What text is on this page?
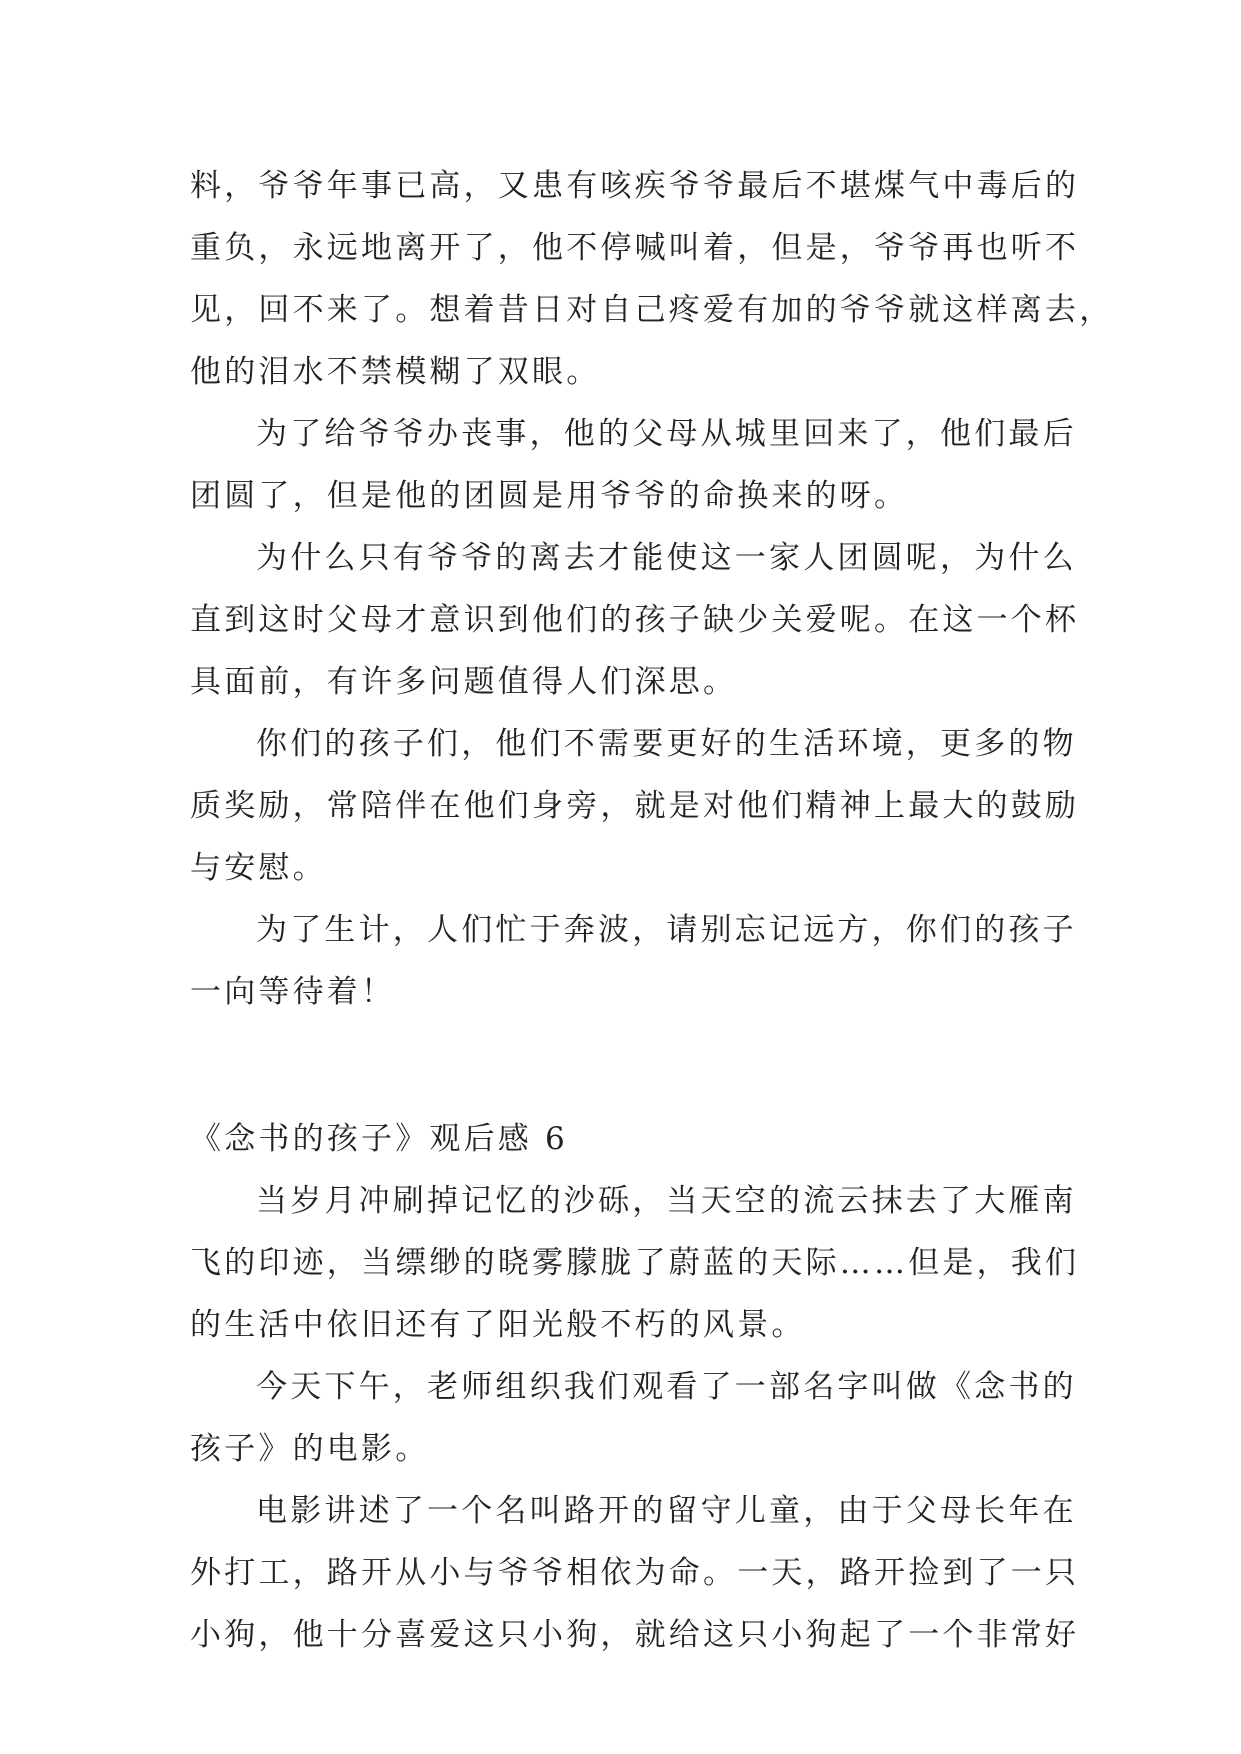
料，爷爷年事已高，又患有咳疾爷爷最后不堪煤气中毒后的
重负，永远地离开了，他不停喊叫着，但是，爷爷再也听不
见，回不来了。想着昔日对自己疼爱有加的爷爷就这样离去，
他的泪水不禁模糊了双眼。
为了给爷爷办丧事，他的父母从城里回来了，他们最后
团圆了，但是他的团圆是用爷爷的命换来的呀。
为什么只有爷爷的离去才能使这一家人团圆呢，为什么
直到这时父母才意识到他们的孩子缺少关爱呢。在这一个杯
具面前，有许多问题值得人们深思。
你们的孩子们，他们不需要更好的生活环境，更多的物
质奖励，常陪伴在他们身旁，就是对他们精神上最大的鼓励
与安慰。
为了生计，人们忙于奔波，请别忘记远方，你们的孩子
一向等待着！
《念书的孩子》观后感 6
当岁月冲刷掉记忆的沙砾，当天空的流云抹去了大雁南
飞的印迹，当缥缈的晓雾朦胧了蔚蓝的天际……但是，我们
的生活中依旧还有了阳光般不朽的风景。
今天下午，老师组织我们观看了一部名字叫做《念书的
孩子》的电影。
电影讲述了一个名叫路开的留守儿童，由于父母长年在
外打工，路开从小与爷爷相依为命。一天，路开捡到了一只
小狗，他十分喜爱这只小狗，就给这只小狗起了一个非常好
